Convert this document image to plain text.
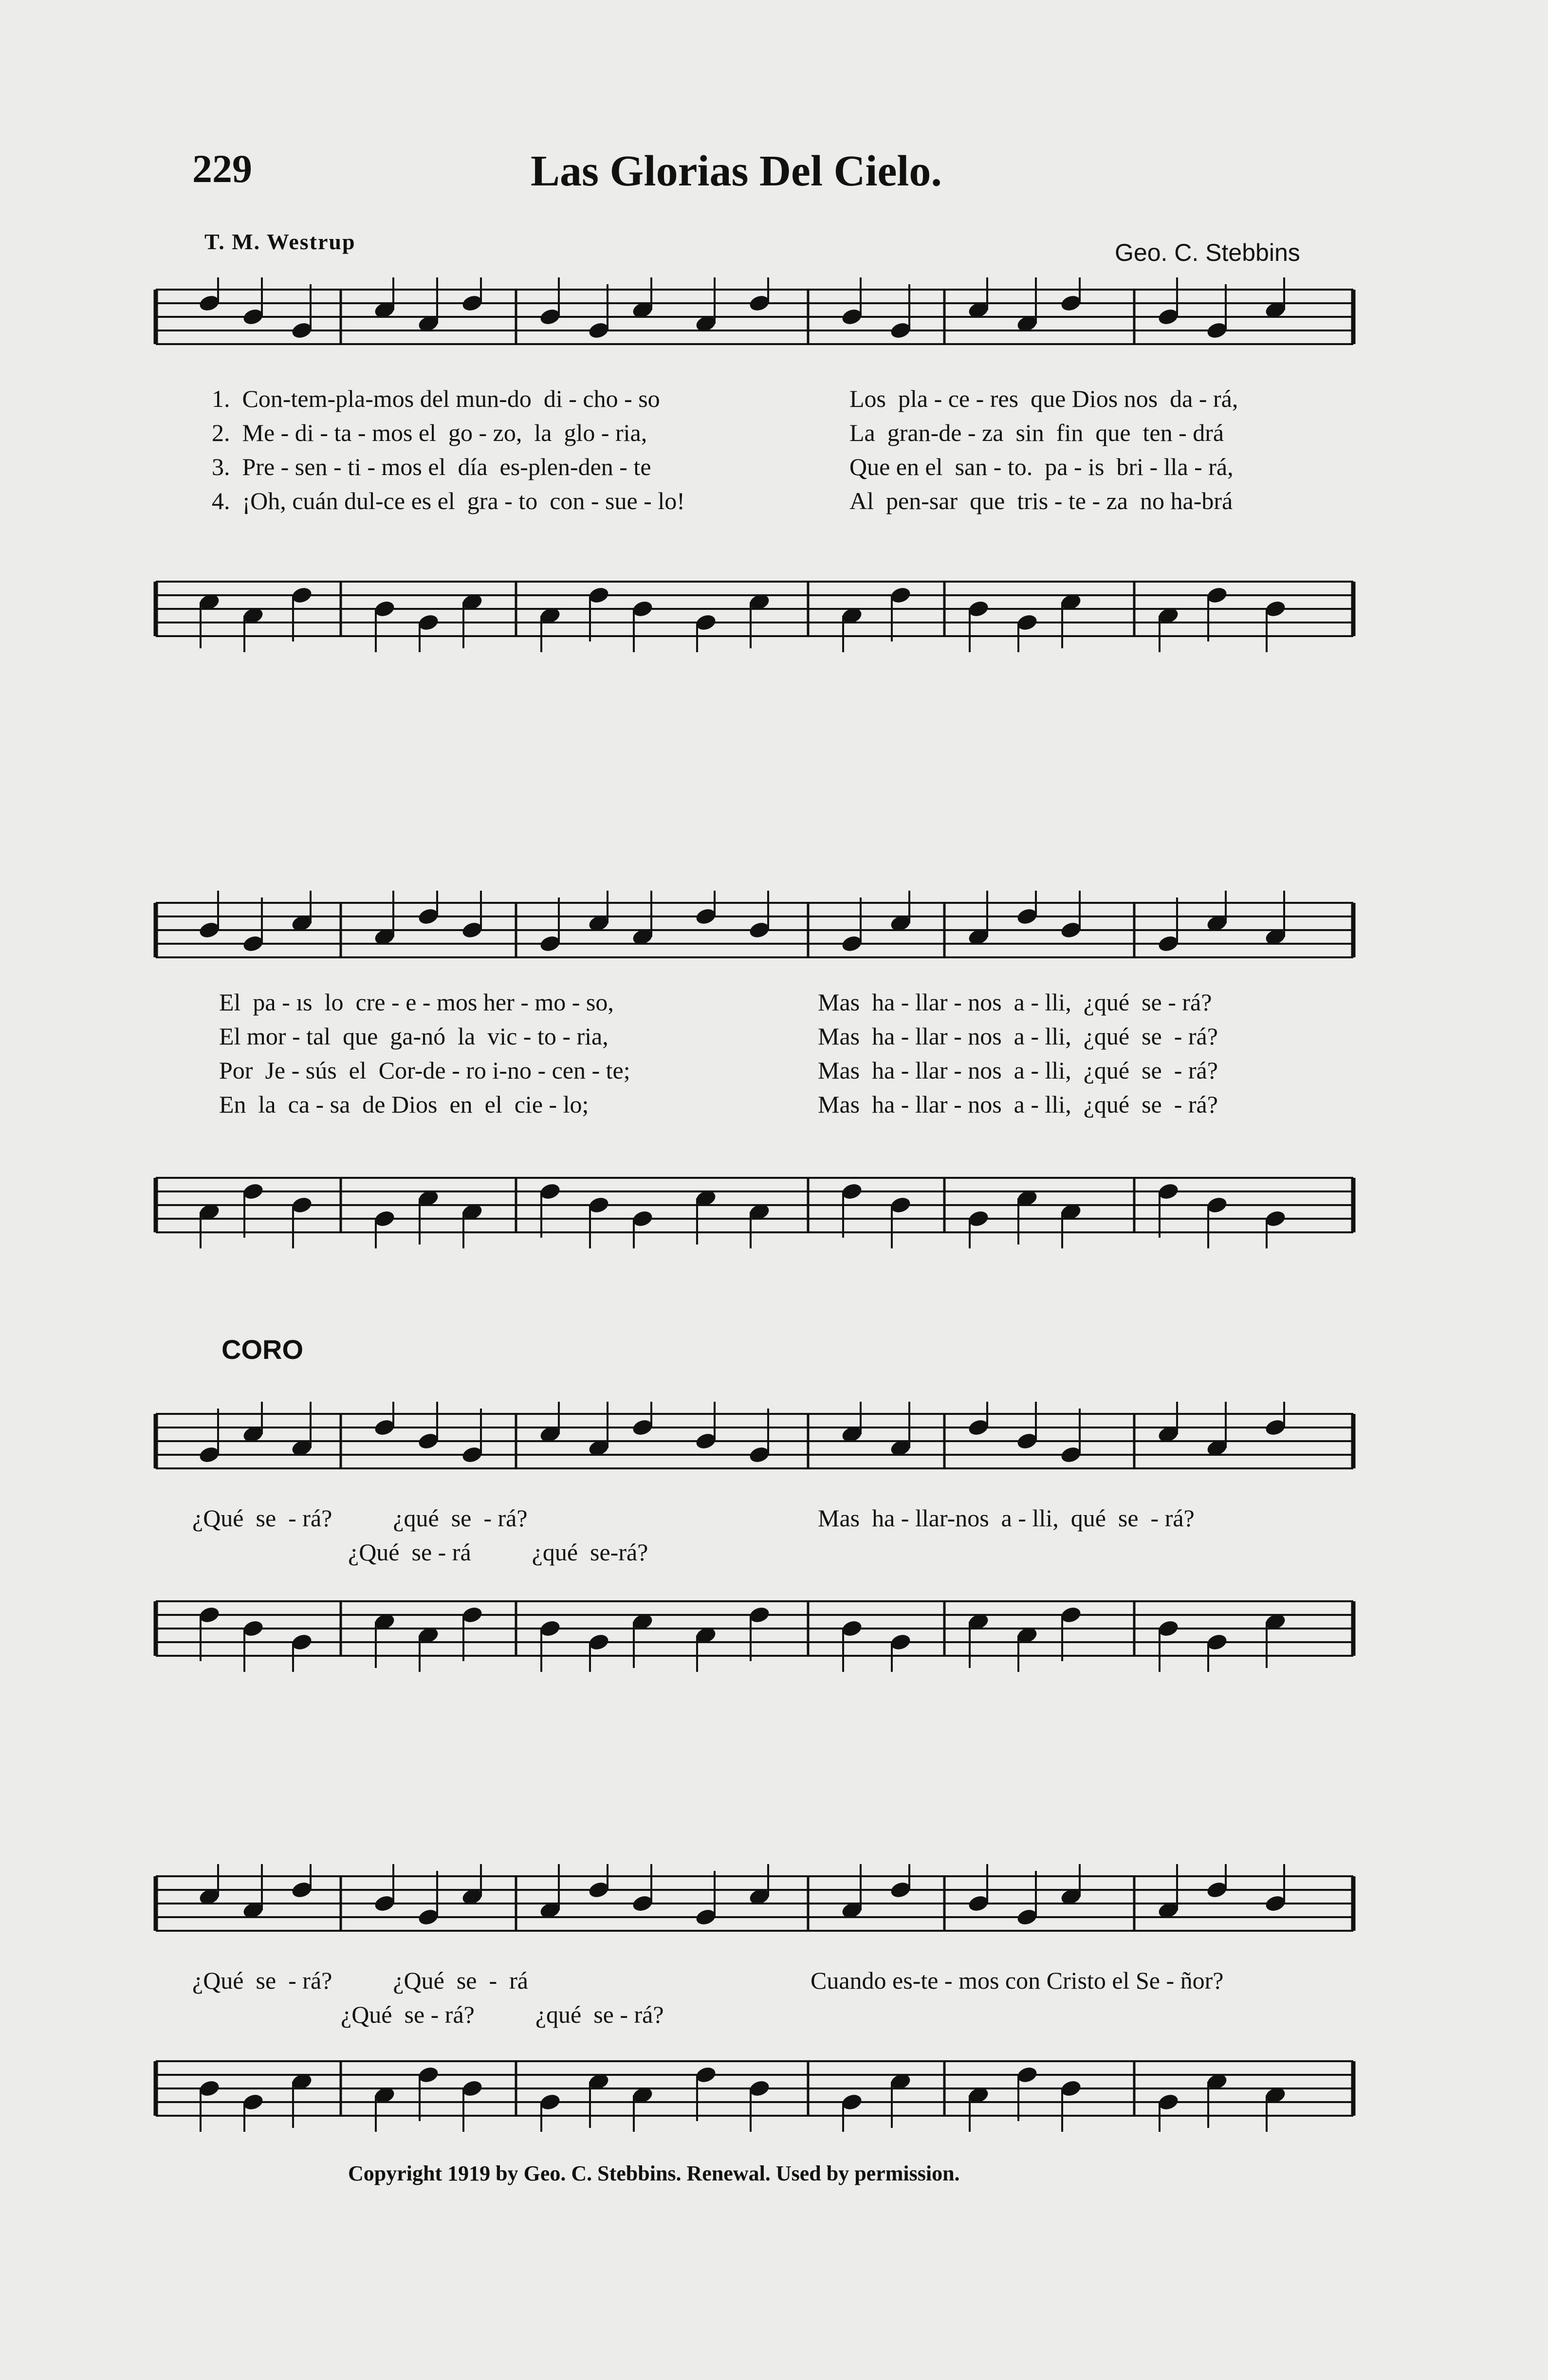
229	Las Glorias Del Cielo.
T. M. Westrup	Geo. C. Stebbins
1.  Con-tem-pla-mos del mun-do  di - cho - so	Los  pla - ce - res  que Dios nos  da - rá,
2.  Me - di - ta - mos el  go - zo,  la  glo - ria,	La  gran-de - za  sin  fin  que  ten - drá
3.  Pre - sen - ti - mos el  día  es-plen-den - te	Que en el  san - to.  pa - is  bri - lla - rá,
4.  ¡Oh, cuán dul-ce es el  gra - to  con - sue - lo!	Al  pen-sar  que  tris - te - za  no ha-brá
El  pa - ıs  lo  cre - e - mos her - mo - so,	Mas  ha - llar - nos  a - lli,  ¿qué  se - rá?
El mor - tal  que  ga-nó  la  vic - to - ria,	Mas  ha - llar - nos  a - lli,  ¿qué  se  - rá?
Por  Je - sús  el  Cor-de - ro i-no - cen - te;	Mas  ha - llar - nos  a - lli,  ¿qué  se  - rá?
En  la  ca - sa  de Dios  en  el  cie - lo;	Mas  ha - llar - nos  a - lli,  ¿qué  se  - rá?
CORO
¿Qué  se  - rá?          ¿qué  se  - rá?	Mas  ha - llar-nos  a - lli,  qué  se  - rá?
¿Qué  se - rá          ¿qué  se-rá?
¿Qué  se  - rá?          ¿Qué  se  -  rá	Cuando es-te - mos con Cristo el Se - ñor?
¿Qué  se - rá?          ¿qué  se - rá?
Copyright 1919 by Geo. C. Stebbins. Renewal. Used by permission.
